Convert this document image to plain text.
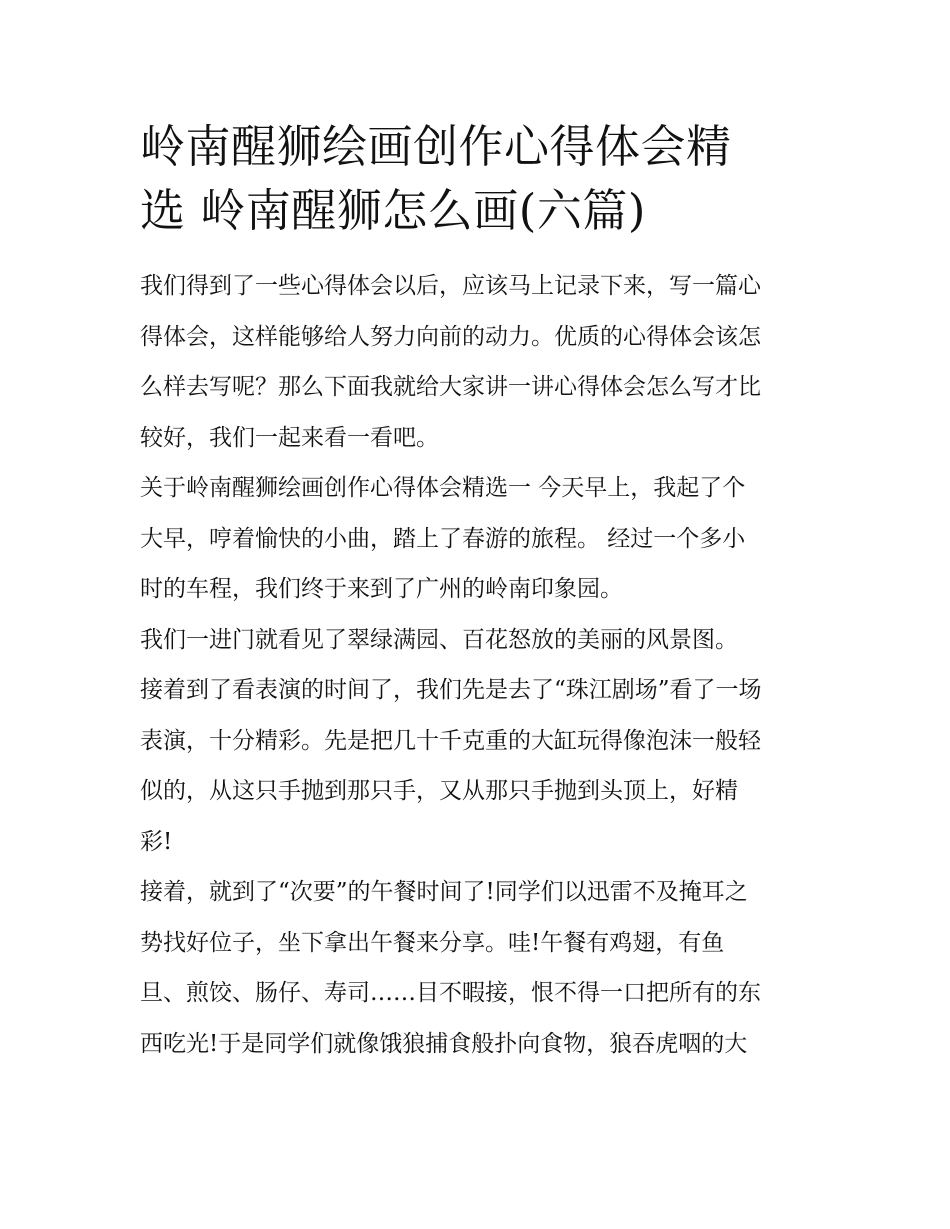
岭南醒狮绘画创作心得体会精
选 岭南醒狮怎么画(六篇)

我们得到了一些心得体会以后，应该马上记录下来，写一篇心
得体会，这样能够给人努力向前的动力。优质的心得体会该怎
么样去写呢？那么下面我就给大家讲一讲心得体会怎么写才比
较好，我们一起来看一看吧。

关于岭南醒狮绘画创作心得体会精选一 今天早上，我起了个
大早，哼着愉快的小曲，踏上了春游的旅程。 经过一个多小
时的车程，我们终于来到了广州的岭南印象园。

我们一进门就看见了翠绿满园、百花怒放的美丽的风景图。

接着到了看表演的时间了，我们先是去了“珠江剧场”看了一场
表演，十分精彩。先是把几十千克重的大缸玩得像泡沫一般轻
似的，从这只手抛到那只手，又从那只手抛到头顶上，好精
彩!

接着，就到了“次要”的午餐时间了!同学们以迅雷不及掩耳之
势找好位子，坐下拿出午餐来分享。哇!午餐有鸡翅，有鱼
旦、煎饺、肠仔、寿司……目不暇接，恨不得一口把所有的东
西吃光!于是同学们就像饿狼捕食般扑向食物，狼吞虎咽的大
